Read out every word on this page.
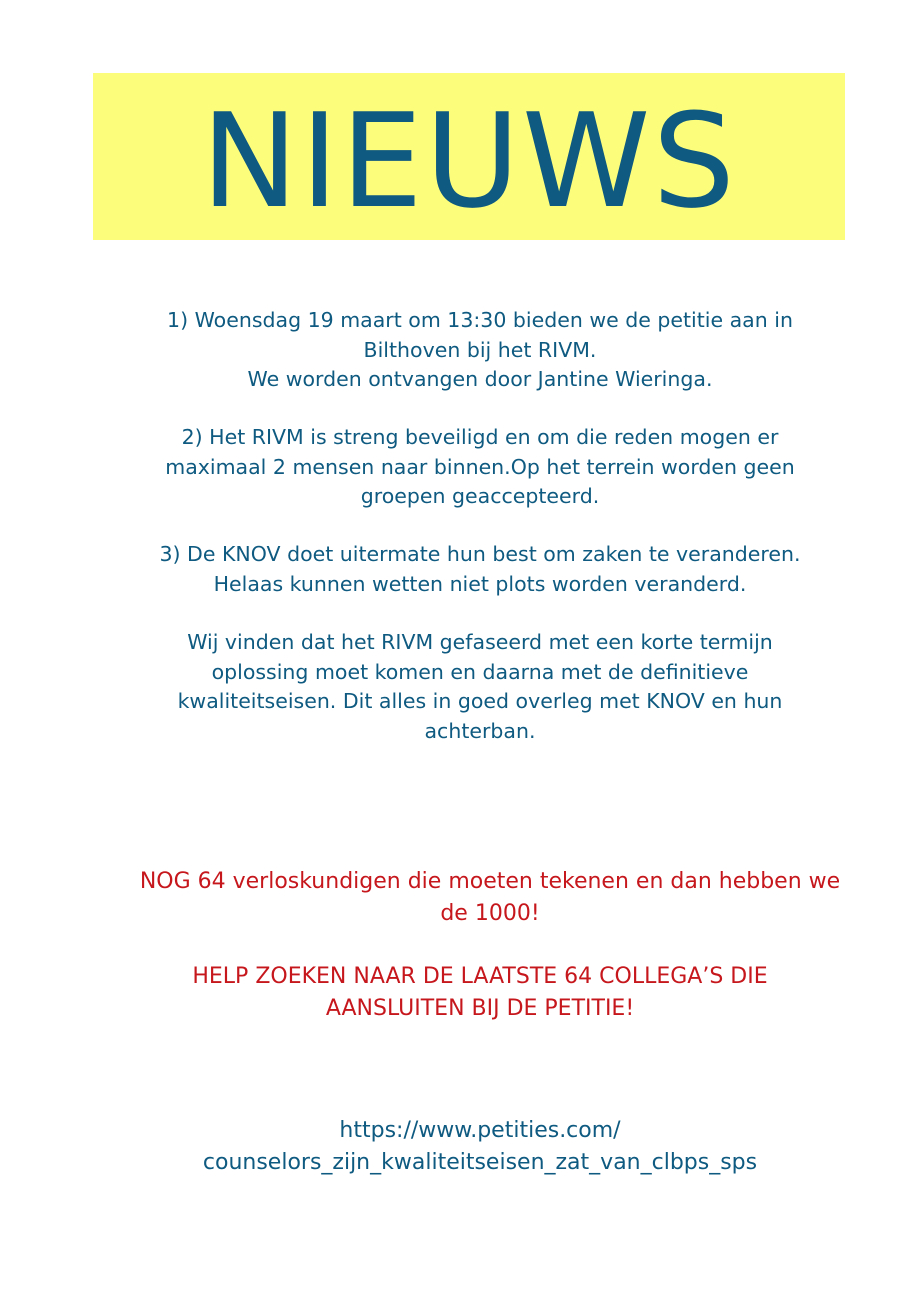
NIEUWS
1) Woensdag 19 maart om 13:30 bieden we de petitie aan in
Bilthoven bij het RIVM.
We worden ontvangen door Jantine Wieringa.
2) Het RIVM is streng beveiligd en om die reden mogen er
maximaal 2 mensen naar binnen.Op het terrein worden geen
groepen geaccepteerd.
3) De KNOV doet uitermate hun best om zaken te veranderen.
Helaas kunnen wetten niet plots worden veranderd.
Wij vinden dat het RIVM gefaseerd met een korte termijn
oplossing moet komen en daarna met de definitieve
kwaliteitseisen. Dit alles in goed overleg met KNOV en hun
achterban.
NOG 64 verloskundigen die moeten tekenen en dan hebben we
de 1000!
HELP ZOEKEN NAAR DE LAATSTE 64 COLLEGA’S DIE
AANSLUITEN BIJ DE PETITIE!
https://www.petities.com/
counselors_zijn_kwaliteitseisen_zat_van_clbps_sps
